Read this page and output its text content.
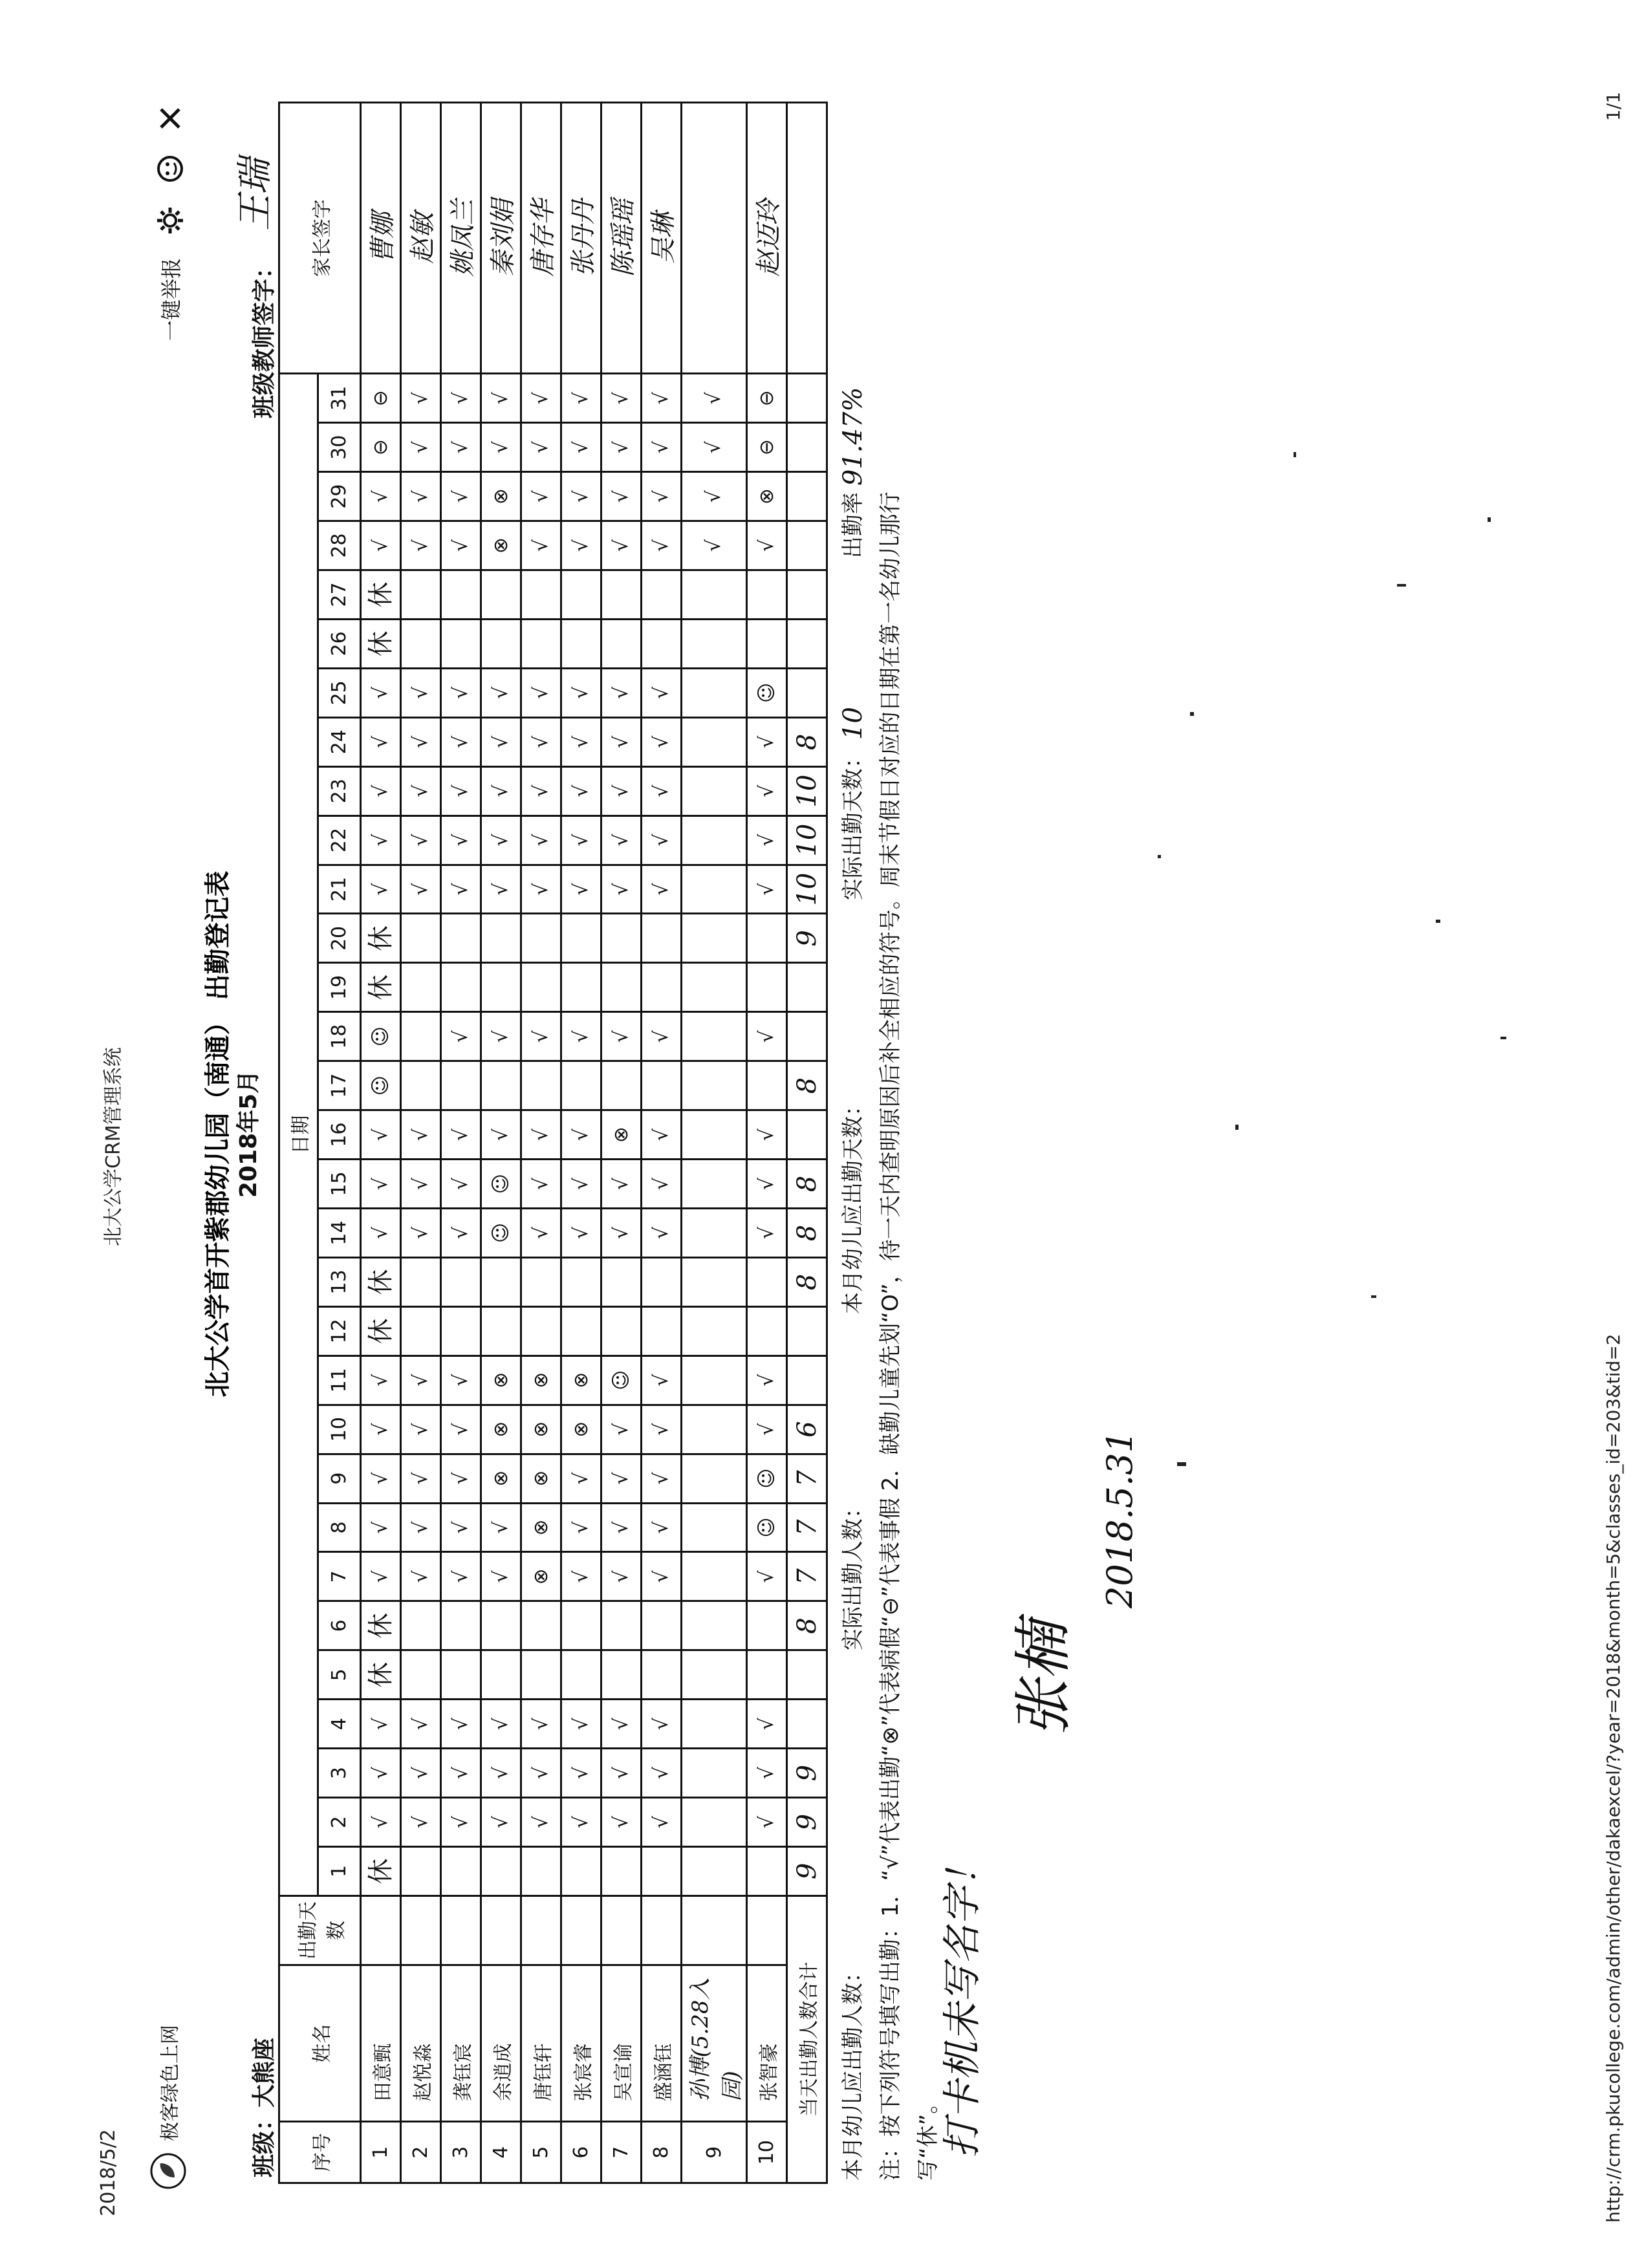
2018/5/2
北大公学CRM管理系统
http://crm.pkucollege.com/admin/other/dakaexcel/?year=2018&month=5&classes_id=203&tid=2
1/1
极客绿色上网
一键举报
北大公学首开紫郡幼儿园（南通） 出勤登记表 2018年5月
班级：大熊座
班级教师签字：
王瑞
序号	姓名	出勤天数	日期																															家长签字
			1	2	3	4	5	6	7	8	9	10	11	12	13	14	15	16	17	18	19	20	21	22	23	24	25	26	27	28	29	30	31	
1	田意甄		休	√	√	√	休	休	√	√	√	√	√	休	休	√	√	√	☺	☺	休	休	√	√	√	√	√	休	休	√	√	⊖	⊖	曹娜
2	赵悦淼			√	√	√			√	√	√	√	√			√	√	√					√	√	√	√	√			√	√	√	√	赵敏
3	龚钰宸			√	√	√			√	√	√	√	√			√	√	√		√			√	√	√	√	√			√	√	√	√	姚凤兰
4	余逍成			√	√	√			√	√	⊗	⊗	⊗			☺	☺	√		√			√	√	√	√	√			⊗	⊗	√	√	秦刘娟
5	唐钰轩			√	√	√			⊗	⊗	⊗	⊗	⊗			√	√	√		√			√	√	√	√	√			√	√	√	√	唐存华
6	张宸睿			√	√	√			√	√	√	⊗	⊗			√	√	√		√			√	√	√	√	√			√	√	√	√	张丹丹
7	吴宣谕			√	√	√			√	√	√	√	☺			√	√	⊗		√			√	√	√	√	√			√	√	√	√	陈瑶瑶
8	盛涵钰			√	√	√			√	√	√	√	√			√	√	√		√			√	√	√	√	√			√	√	√	√	吴琳
9	孙博(5.28入园)																													√	√	√	√	
10	张智豪			√	√	√			√	☺	☺	√	√			√	√	√		√			√	√	√	√	☺			√	⊗	⊖	⊖	赵迈玲
当天出勤人数合计			9	9	9			8	7	7	7	6			8	8	8		8			9	10	10	10	8								
本月幼儿应出勤人数：
实际出勤人数：
本月幼儿应出勤天数：
实际出勤天数：
10
出勤率
91.47%
注：按下列符号填写出勤：1．“√”代表出勤“⊗”代表病假“⊖”代表事假 2．缺勤儿童先划“O”，待一天内查明原因后补全相应的符号。周末节假日对应的日期在第一名幼儿那行 写“休”。
打卡机未写名字！
张楠
2018.5.31
